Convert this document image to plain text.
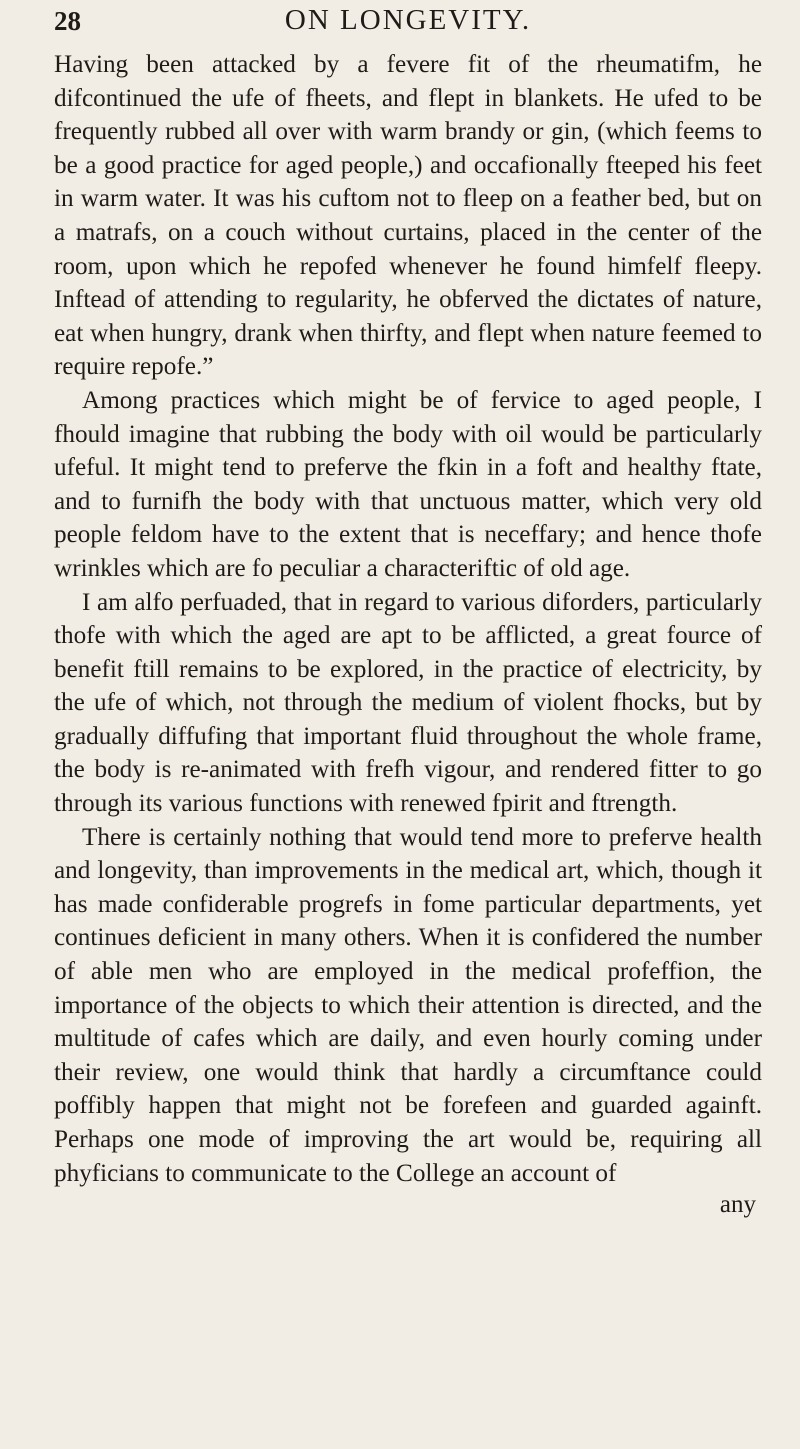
28	ON LONGEVITY.

Having been attacked by a fevere fit of the rheumatifm, he difcontinued the ufe of fheets, and flept in blankets. He ufed to be frequently rubbed all over with warm brandy or gin, (which feems to be a good practice for aged people,) and occafionally fteeped his feet in warm water. It was his cuftom not to fleep on a feather bed, but on a matrafs, on a couch without curtains, placed in the center of the room, upon which he repofed whenever he found himfelf fleepy. Inftead of attending to regularity, he obferved the dictates of nature, eat when hungry, drank when thirfty, and flept when nature feemed to require repofe.”

Among practices which might be of fervice to aged people, I fhould imagine that rubbing the body with oil would be particularly ufeful. It might tend to preferve the fkin in a foft and healthy ftate, and to furnifh the body with that unctuous matter, which very old people feldom have to the extent that is neceffary; and hence thofe wrinkles which are fo peculiar a characteriftic of old age.

I am alfo perfuaded, that in regard to various diforders, particularly thofe with which the aged are apt to be afflicted, a great fource of benefit ftill remains to be explored, in the practice of electricity, by the ufe of which, not through the medium of violent fhocks, but by gradually diffufing that important fluid throughout the whole frame, the body is re-animated with frefh vigour, and rendered fitter to go through its various functions with renewed fpirit and ftrength.

There is certainly nothing that would tend more to preferve health and longevity, than improvements in the medical art, which, though it has made confiderable progrefs in fome particular departments, yet continues deficient in many others. When it is confidered the number of able men who are employed in the medical profeffion, the importance of the objects to which their attention is directed, and the multitude of cafes which are daily, and even hourly coming under their review, one would think that hardly a circumftance could poffibly happen that might not be forefeen and guarded againft. Perhaps one mode of improving the art would be, requiring all phyficians to communicate to the College an account of

any
